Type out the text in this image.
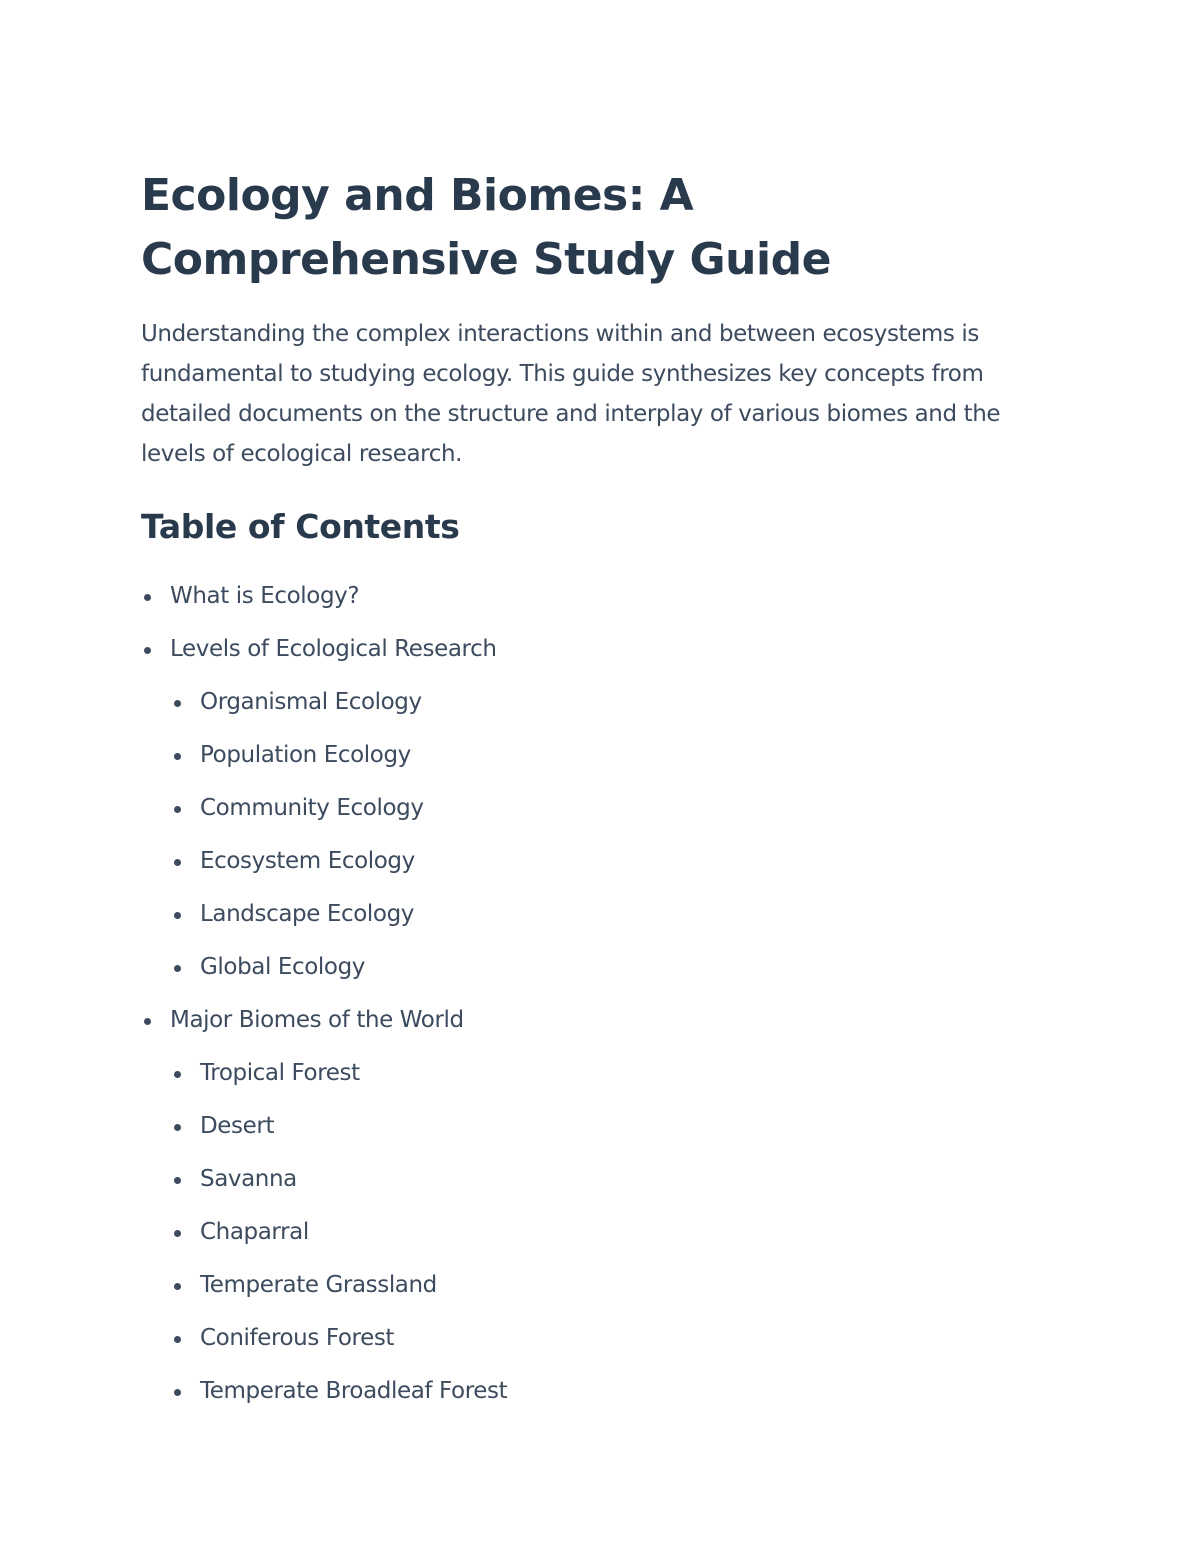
Ecology and Biomes: A Comprehensive Study Guide

Understanding the complex interactions within and between ecosystems is fundamental to studying ecology. This guide synthesizes key concepts from detailed documents on the structure and interplay of various biomes and the levels of ecological research.

Table of Contents
What is Ecology?
Levels of Ecological Research
Organismal Ecology
Population Ecology
Community Ecology
Ecosystem Ecology
Landscape Ecology
Global Ecology
Major Biomes of the World
Tropical Forest
Desert
Savanna
Chaparral
Temperate Grassland
Coniferous Forest
Temperate Broadleaf Forest
